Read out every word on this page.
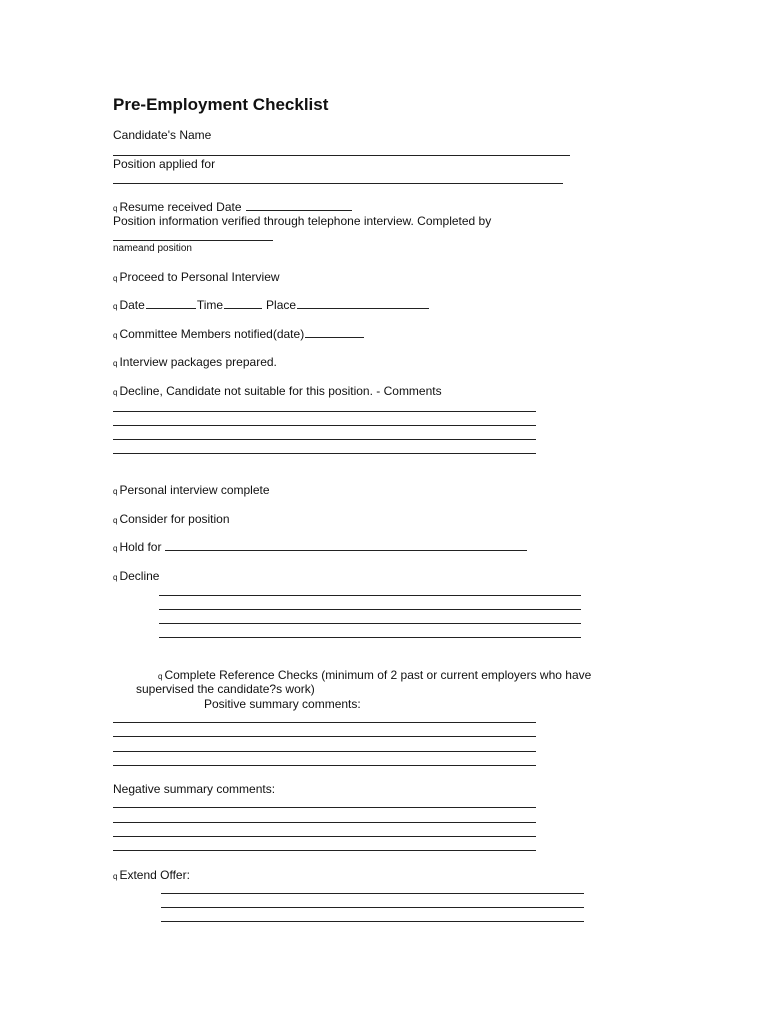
Pre-Employment Checklist
Candidate's Name
Position applied for
q Resume received Date
Position information verified through telephone interview. Completed by
nameand position
q Proceed to Personal Interview
q Date	Time	Place
q Committee Members notified(date)
q Interview packages prepared.
q Decline, Candidate not suitable for this position. - Comments
q Personal interview complete
q Consider for position
q Hold for
q Decline
q Complete Reference Checks (minimum of 2 past or current employers who have
supervised the candidate?s work)
Positive summary comments:
Negative summary comments:
q Extend Offer:
